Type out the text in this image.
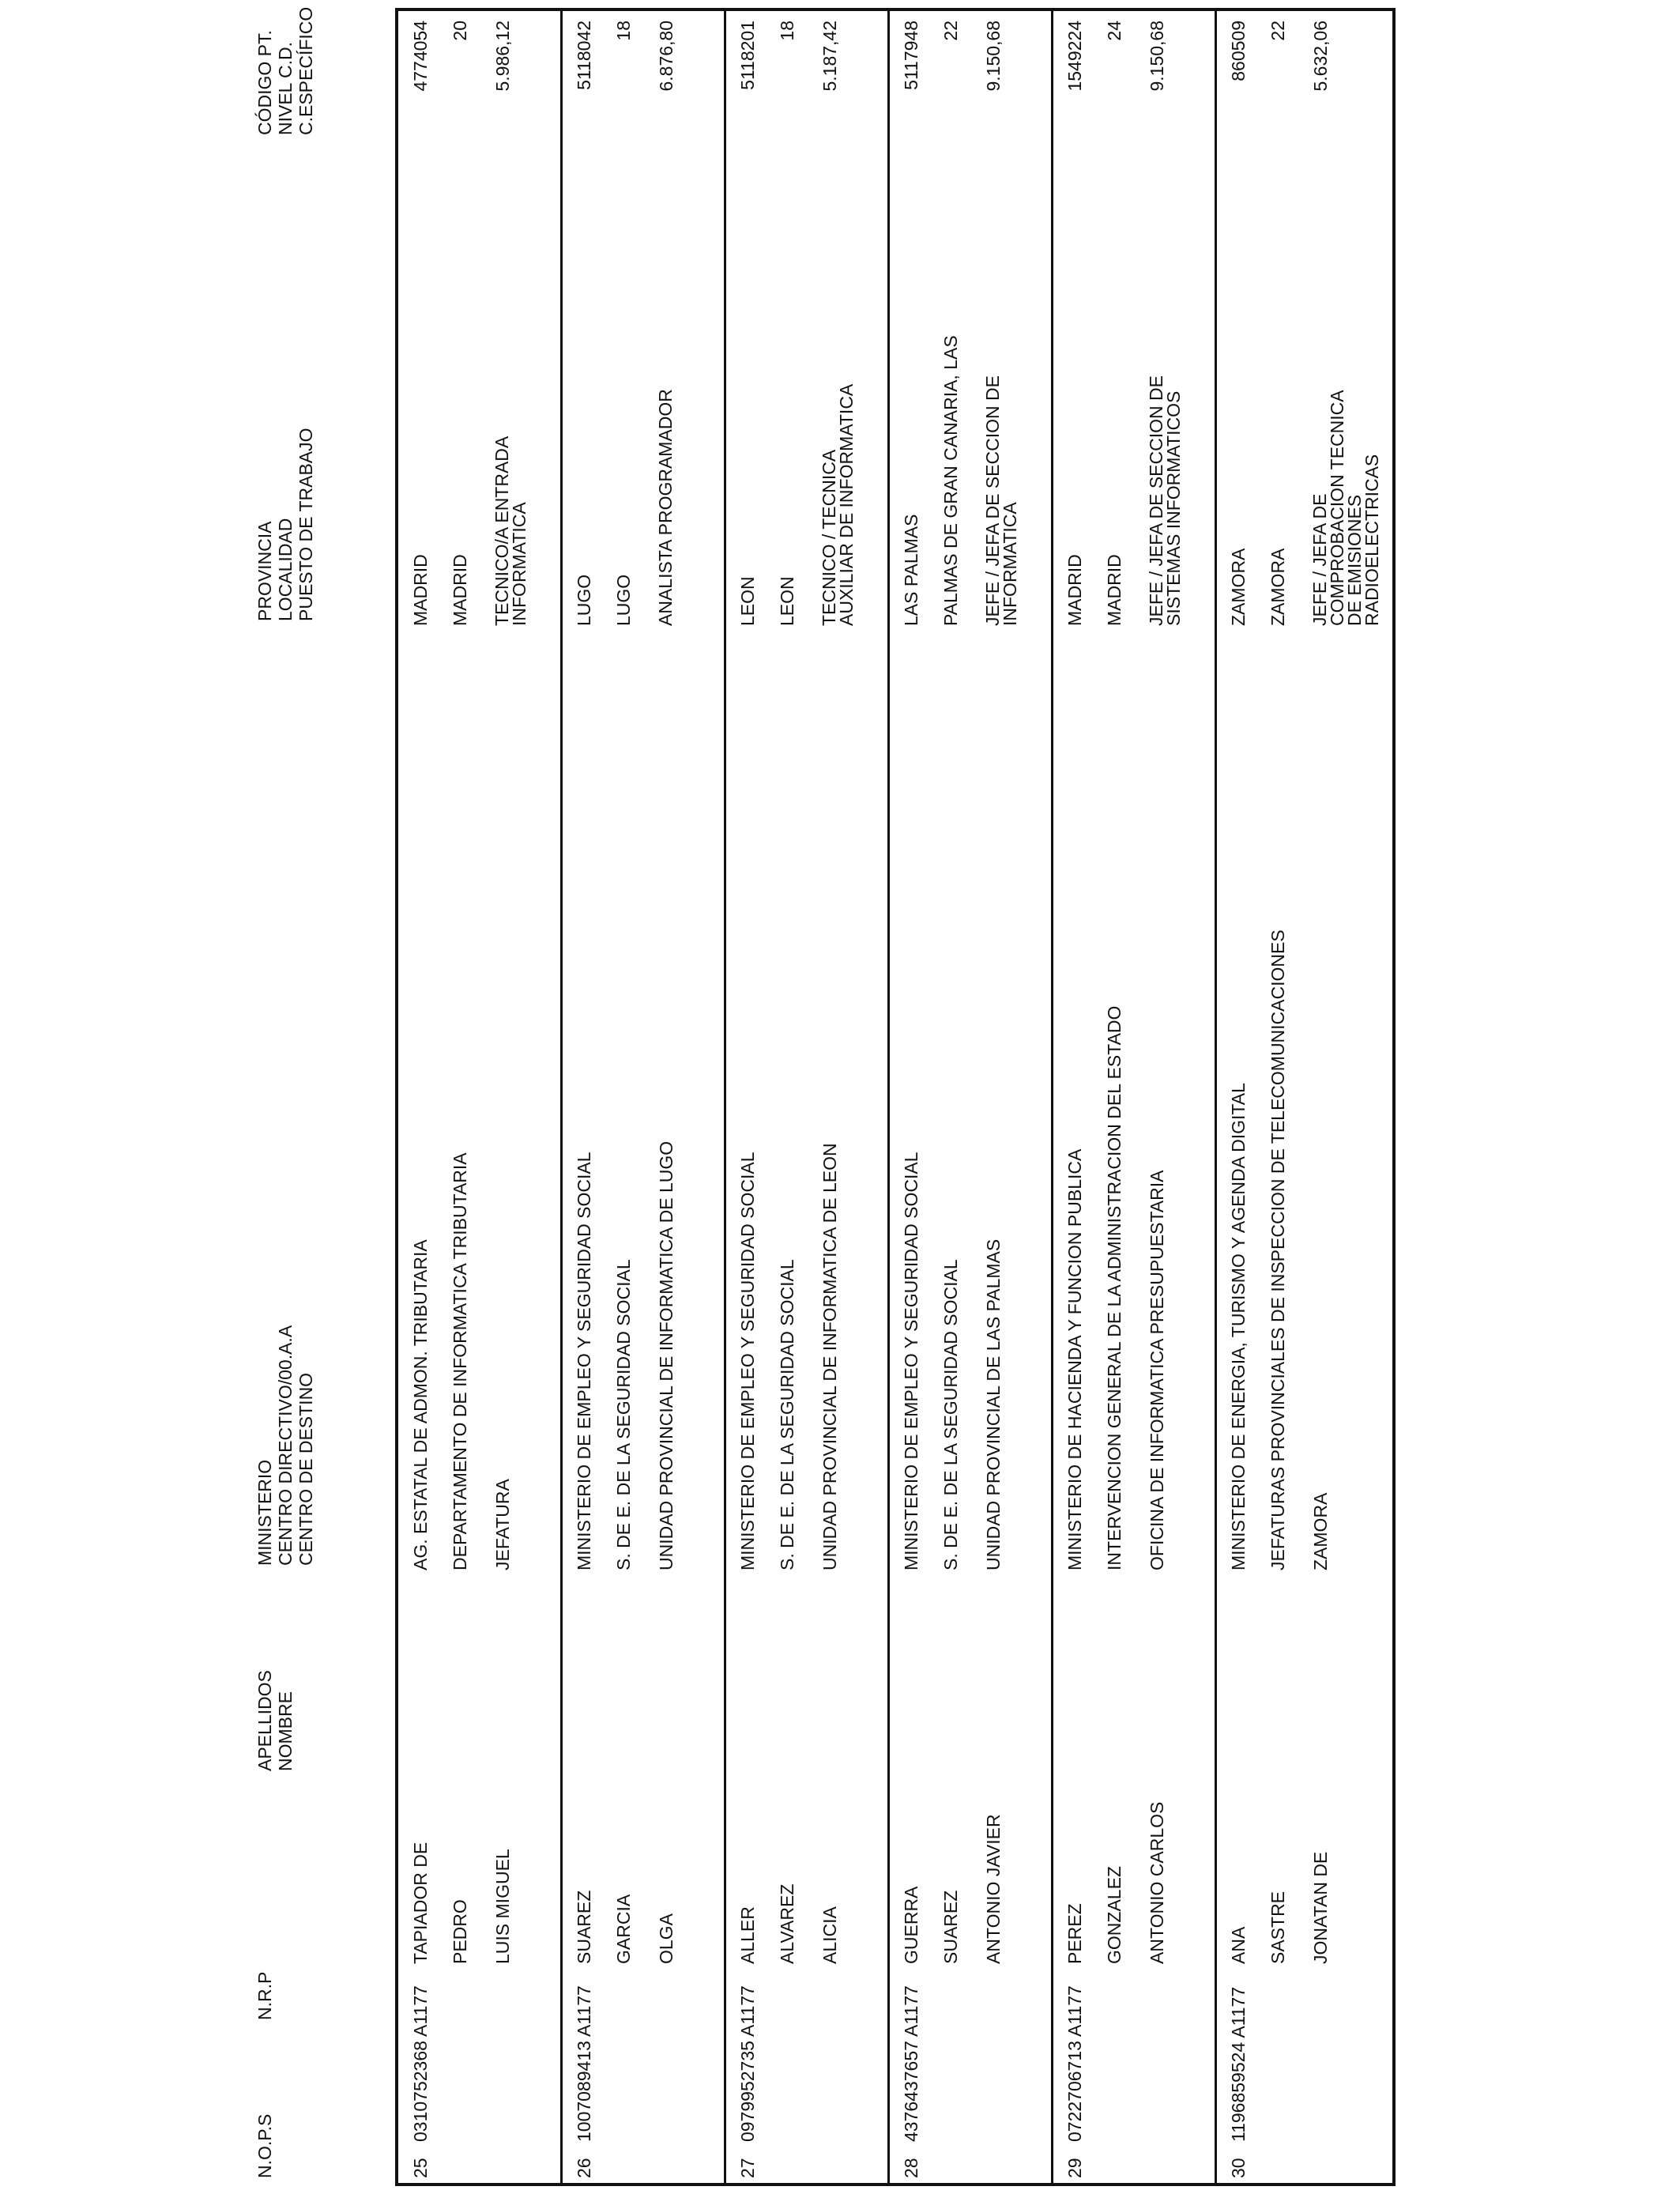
N.O.P.S
N.R.P
APELLIDOS NOMBRE
MINISTERIO CENTRO DIRECTIVO/00.A.A CENTRO DE DESTINO
PROVINCIA LOCALIDAD PUESTO DE TRABAJO
CÓDIGO PT. NIVEL C.D. C.ESPECÍFICO
25
0310752368 A1177
TAPIADOR DE PEDRO LUIS MIGUEL
AG. ESTATAL DE ADMON. TRIBUTARIA DEPARTAMENTO DE INFORMATICA TRIBUTARIA JEFATURA
MADRID MADRID TECNICO/A ENTRADA INFORMATICA
4774054 20 5.986,12
26
1007089413 A1177
SUAREZ GARCIA OLGA
MINISTERIO DE EMPLEO Y SEGURIDAD SOCIAL S. DE E. DE LA SEGURIDAD SOCIAL UNIDAD PROVINCIAL DE INFORMATICA DE LUGO
LUGO LUGO ANALISTA PROGRAMADOR
5118042 18 6.876,80
27
0979952735 A1177
ALLER ALVAREZ ALICIA
MINISTERIO DE EMPLEO Y SEGURIDAD SOCIAL S. DE E. DE LA SEGURIDAD SOCIAL UNIDAD PROVINCIAL DE INFORMATICA DE LEON
LEON LEON TECNICO / TECNICA AUXILIAR DE INFORMATICA
5118201 18 5.187,42
28
4376437657 A1177
GUERRA SUAREZ ANTONIO JAVIER
MINISTERIO DE EMPLEO Y SEGURIDAD SOCIAL S. DE E. DE LA SEGURIDAD SOCIAL UNIDAD PROVINCIAL DE LAS PALMAS
LAS PALMAS PALMAS DE GRAN CANARIA, LAS JEFE / JEFA DE SECCION DE INFORMATICA
5117948 22 9.150,68
29
0722706713 A1177
PEREZ GONZALEZ ANTONIO CARLOS
MINISTERIO DE HACIENDA Y FUNCION PUBLICA INTERVENCION GENERAL DE LA ADMINISTRACION DEL ESTADO OFICINA DE INFORMATICA PRESUPUESTARIA
MADRID MADRID JEFE / JEFA DE SECCION DE SISTEMAS INFORMATICOS
1549224 24 9.150,68
30
1196859524 A1177
ANA SASTRE JONATAN DE
MINISTERIO DE ENERGIA, TURISMO Y AGENDA DIGITAL JEFATURAS PROVINCIALES DE INSPECCION DE TELECOMUNICACIONES ZAMORA
ZAMORA ZAMORA JEFE / JEFA DE COMPROBACION TECNICA DE EMISIONES RADIOELECTRICAS
860509 22 5.632,06
